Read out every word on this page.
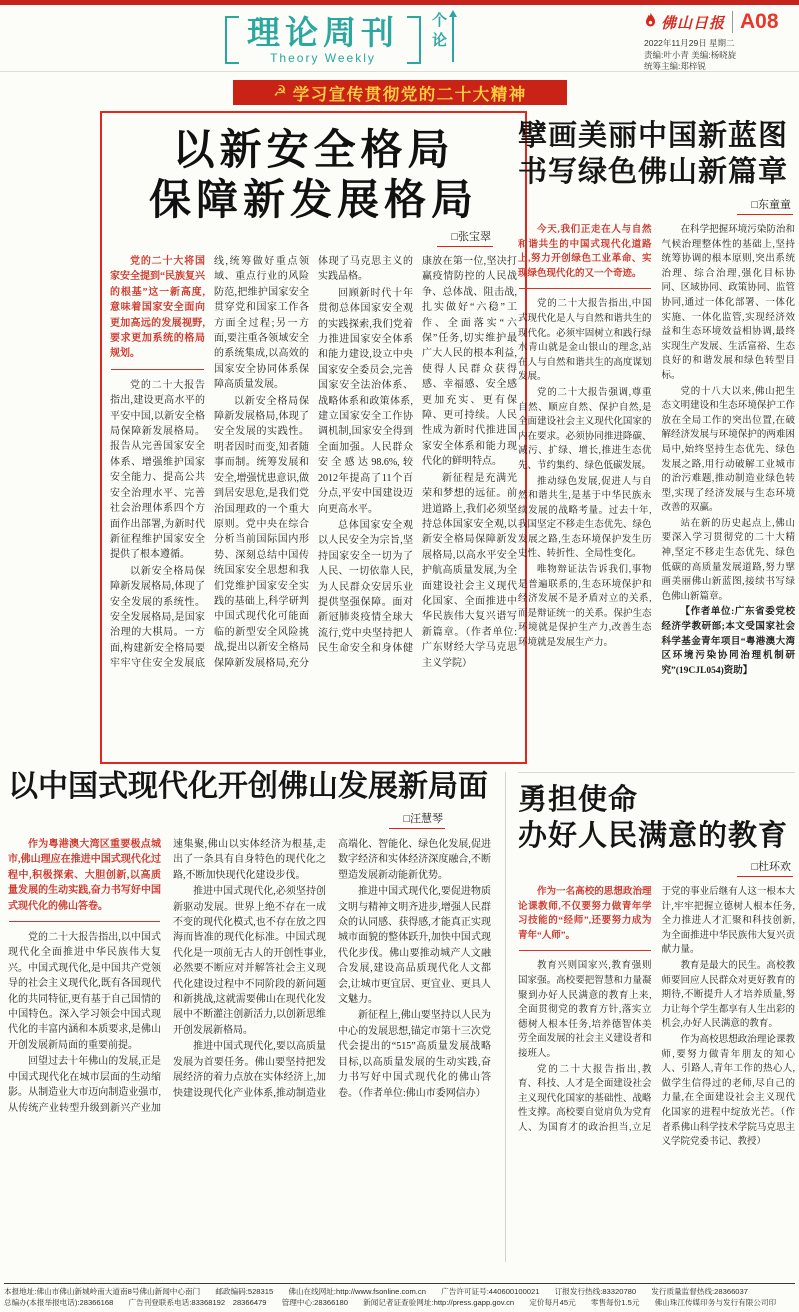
理论周刊
Theory Weekly
个论	佛山日报 A08
2022年11月29日 星期二
责编:叶小青 美编:杨晓旋
统筹主编:郑梓锐
☭ 学习宣传贯彻党的二十大精神
以新安全格局
保障新发展格局
□张宝翠

党的二十大将国家安全提到“民族复兴的根基”这一新高度,意味着国家安全面向更加高远的发展视野,要求更加系统的格局规划。

党的二十大报告指出,建设更高水平的平安中国,以新安全格局保障新发展格局。报告从完善国家安全体系、增强维护国家安全能力、提高公共安全治理水平、完善社会治理体系四个方面作出部署,为新时代新征程维护国家安全提供了根本遵循。

以新安全格局保障新发展格局,体现了安全发展的系统性。安全发展格局,是国家治理的大棋局。一方面,构建新安全格局要牢牢守住安全发展底线,统筹做好重点领域、重点行业的风险防范,把维护国家安全贯穿党和国家工作各方面全过程;另一方面,要注重各领域安全的系统集成,以高效的国家安全协同体系保障高质量发展。

以新安全格局保障新发展格局,体现了安全发展的实践性。明者因时而变,知者随事而制。统筹发展和安全,增强忧患意识,做到居安思危,是我们党治国理政的一个重大原则。党中央在综合分析当前国际国内形势、深刻总结中国传统国家安全思想和我们党维护国家安全实践的基础上,科学研判中国式现代化可能面临的新型安全风险挑战,提出以新安全格局保障新发展格局,充分体现了马克思主义的实践品格。

回顾新时代十年贯彻总体国家安全观的实践探索,我们党着力推进国家安全体系和能力建设,设立中央国家安全委员会,完善国家安全法治体系、战略体系和政策体系,建立国家安全工作协调机制,国家安全得到全面加强。人民群众安全感达98.6%,较2012年提高了11个百分点,平安中国建设迈向更高水平。

总体国家安全观以人民安全为宗旨,坚持国家安全一切为了人民、一切依靠人民,为人民群众安居乐业提供坚强保障。面对新冠肺炎疫情全球大流行,党中央坚持把人民生命安全和身体健康放在第一位,坚决打赢疫情防控的人民战争、总体战、阻击战,扎实做好“六稳”工作、全面落实“六保”任务,切实维护最广大人民的根本利益,使得人民群众获得感、幸福感、安全感更加充实、更有保障、更可持续。人民性成为新时代推进国家安全体系和能力现代化的鲜明特点。

新征程是充满光荣和梦想的远征。前进道路上,我们必须坚持总体国家安全观,以新安全格局保障新发展格局,以高水平安全护航高质量发展,为全面建设社会主义现代化国家、全面推进中华民族伟大复兴谱写新篇章。（作者单位:广东财经大学马克思主义学院）

擘画美丽中国新蓝图
书写绿色佛山新篇章
□东童童

今天,我们正走在人与自然和谐共生的中国式现代化道路上,努力开创绿色工业革命、实现绿色现代化的又一个奇迹。

党的二十大报告指出,中国式现代化是人与自然和谐共生的现代化。必须牢固树立和践行绿水青山就是金山银山的理念,站在人与自然和谐共生的高度谋划发展。

党的二十大报告强调,尊重自然、顺应自然、保护自然,是全面建设社会主义现代化国家的内在要求。必须协同推进降碳、减污、扩绿、增长,推进生态优先、节约集约、绿色低碳发展。

推动绿色发展,促进人与自然和谐共生,是基于中华民族永续发展的战略考量。过去十年,我国坚定不移走生态优先、绿色发展之路,生态环境保护发生历史性、转折性、全局性变化。

唯物辩证法告诉我们,事物是普遍联系的,生态环境保护和经济发展不是矛盾对立的关系,而是辩证统一的关系。保护生态环境就是保护生产力,改善生态环境就是发展生产力。

在科学把握环境污染防治和气候治理整体性的基础上,坚持统筹协调的根本原则,突出系统治理、综合治理,强化目标协同、区域协同、政策协同、监管协同,通过一体化部署、一体化实施、一体化监管,实现经济效益和生态环境效益相协调,最终实现生产发展、生活富裕、生态良好的和谐发展和绿色转型目标。

党的十八大以来,佛山把生态文明建设和生态环境保护工作放在全局工作的突出位置,在破解经济发展与环境保护的两难困局中,始终坚持生态优先、绿色发展之路,用行动破解工业城市的治污难题,推动制造业绿色转型,实现了经济发展与生态环境改善的双赢。

站在新的历史起点上,佛山要深入学习贯彻党的二十大精神,坚定不移走生态优先、绿色低碳的高质量发展道路,努力擘画美丽佛山新蓝图,接续书写绿色佛山新篇章。

【作者单位:广东省委党校经济学教研部;本文受国家社会科学基金青年项目“粤港澳大湾区环境污染协同治理机制研究”(19CJL054)资助】

以中国式现代化开创佛山发展新局面
□汪慧琴

作为粤港澳大湾区重要极点城市,佛山理应在推进中国式现代化过程中,积极探索、大胆创新,以高质量发展的生动实践,奋力书写好中国式现代化的佛山答卷。

党的二十大报告指出,以中国式现代化全面推进中华民族伟大复兴。中国式现代化,是中国共产党领导的社会主义现代化,既有各国现代化的共同特征,更有基于自己国情的中国特色。深入学习领会中国式现代化的丰富内涵和本质要求,是佛山开创发展新局面的重要前提。

回望过去十年佛山的发展,正是中国式现代化在城市层面的生动缩影。从制造业大市迈向制造业强市,从传统产业转型升级到新兴产业加速集聚,佛山以实体经济为根基,走出了一条具有自身特色的现代化之路,不断加快现代化建设步伐。

推进中国式现代化,必须坚持创新驱动发展。世界上绝不存在一成不变的现代化模式,也不存在放之四海而皆准的现代化标准。中国式现代化是一项前无古人的开创性事业,必然要不断应对并解答社会主义现代化建设过程中不同阶段的新问题和新挑战,这就需要佛山在现代化发展中不断灌注创新活力,以创新思维开创发展新格局。

推进中国式现代化,要以高质量发展为首要任务。佛山要坚持把发展经济的着力点放在实体经济上,加快建设现代化产业体系,推动制造业高端化、智能化、绿色化发展,促进数字经济和实体经济深度融合,不断塑造发展新动能新优势。

推进中国式现代化,要促进物质文明与精神文明齐进步,增强人民群众的认同感、获得感,才能真正实现城市面貌的整体跃升,加快中国式现代化步伐。佛山要推动城产人文融合发展,建设高品质现代化人文都会,让城市更宜居、更宜业、更具人文魅力。

新征程上,佛山要坚持以人民为中心的发展思想,锚定市第十三次党代会提出的“515”高质量发展战略目标,以高质量发展的生动实践,奋力书写好中国式现代化的佛山答卷。（作者单位:佛山市委网信办）

勇担使命
办好人民满意的教育
□杜环欢

作为一名高校的思想政治理论课教师,不仅要努力做青年学习技能的“经师”,还要努力成为青年“人师”。

教育兴则国家兴,教育强则国家强。高校要把智慧和力量凝聚到办好人民满意的教育上来,全面贯彻党的教育方针,落实立德树人根本任务,培养德智体美劳全面发展的社会主义建设者和接班人。

党的二十大报告指出,教育、科技、人才是全面建设社会主义现代化国家的基础性、战略性支撑。高校要自觉肩负为党育人、为国育才的政治担当,立足于党的事业后继有人这一根本大计,牢牢把握立德树人根本任务,全力推进人才汇聚和科技创新,为全面推进中华民族伟大复兴贡献力量。

教育是最大的民生。高校教师要回应人民群众对更好教育的期待,不断提升人才培养质量,努力让每个学生都享有人生出彩的机会,办好人民满意的教育。

作为高校思想政治理论课教师,要努力做青年朋友的知心人、引路人,青年工作的热心人,做学生信得过的老师,尽自己的力量,在全面建设社会主义现代化国家的进程中绽放光芒。（作者系佛山科学技术学院马克思主义学院党委书记、教授）

本报地址:佛山市佛山新城岭南大道南8号佛山新闻中心南门　　邮政编码:528315　　佛山在线网址:http://www.fsonline.com.cn　　广告许可证号:440600100021　　订报发行热线:83320780　　发行质量监督热线:28366037
总编办(本报举报电话):28366168　　广告刊登联系电话:83368192　28366479　　管理中心:28366180　　新闻记者证查验网址:http://press.gapp.gov.cn　　定价每月45元　　零售每份1.5元　　佛山珠江传媒印务与发行有限公司印
